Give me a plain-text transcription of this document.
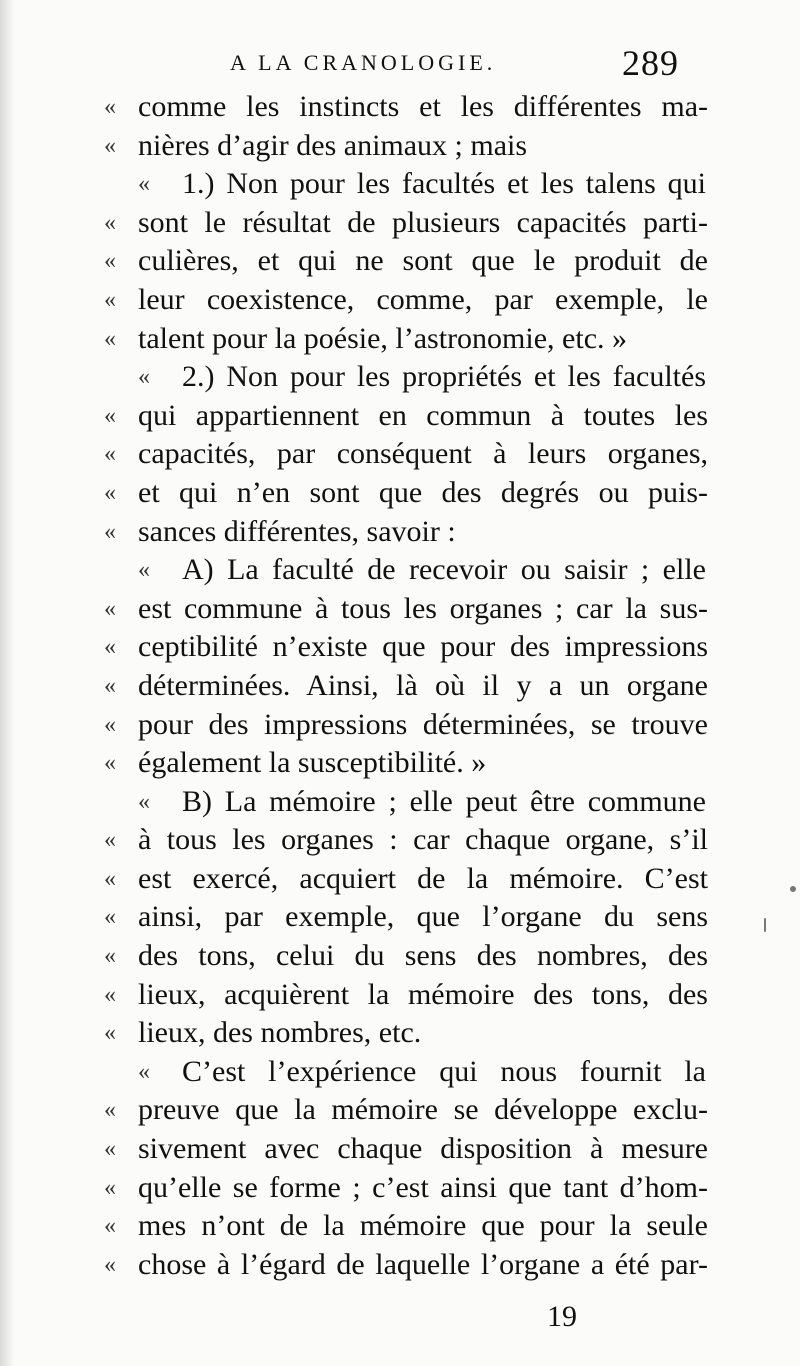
A LA CRANOLOGIE.	289
« comme les instincts et les différentes ma-
« nières d’agir des animaux ; mais
« 1.) Non pour les facultés et les talens qui
« sont le résultat de plusieurs capacités parti-
« culières, et qui ne sont que le produit de
« leur coexistence, comme, par exemple, le
« talent pour la poésie, l’astronomie, etc. »
« 2.) Non pour les propriétés et les facultés
« qui appartiennent en commun à toutes les
« capacités, par conséquent à leurs organes,
« et qui n’en sont que des degrés ou puis-
« sances différentes, savoir :
« A) La faculté de recevoir ou saisir ; elle
« est commune à tous les organes ; car la sus-
« ceptibilité n’existe que pour des impressions
« déterminées. Ainsi, là où il y a un organe
« pour des impressions déterminées, se trouve
« également la susceptibilité. »
« B) La mémoire ; elle peut être commune
« à tous les organes : car chaque organe, s’il
« est exercé, acquiert de la mémoire. C’est
« ainsi, par exemple, que l’organe du sens
« des tons, celui du sens des nombres, des
« lieux, acquièrent la mémoire des tons, des
« lieux, des nombres, etc.
« C’est l’expérience qui nous fournit la
« preuve que la mémoire se développe exclu-
« sivement avec chaque disposition à mesure
« qu’elle se forme ; c’est ainsi que tant d’hom-
« mes n’ont de la mémoire que pour la seule
« chose à l’égard de laquelle l’organe a été par-
19
